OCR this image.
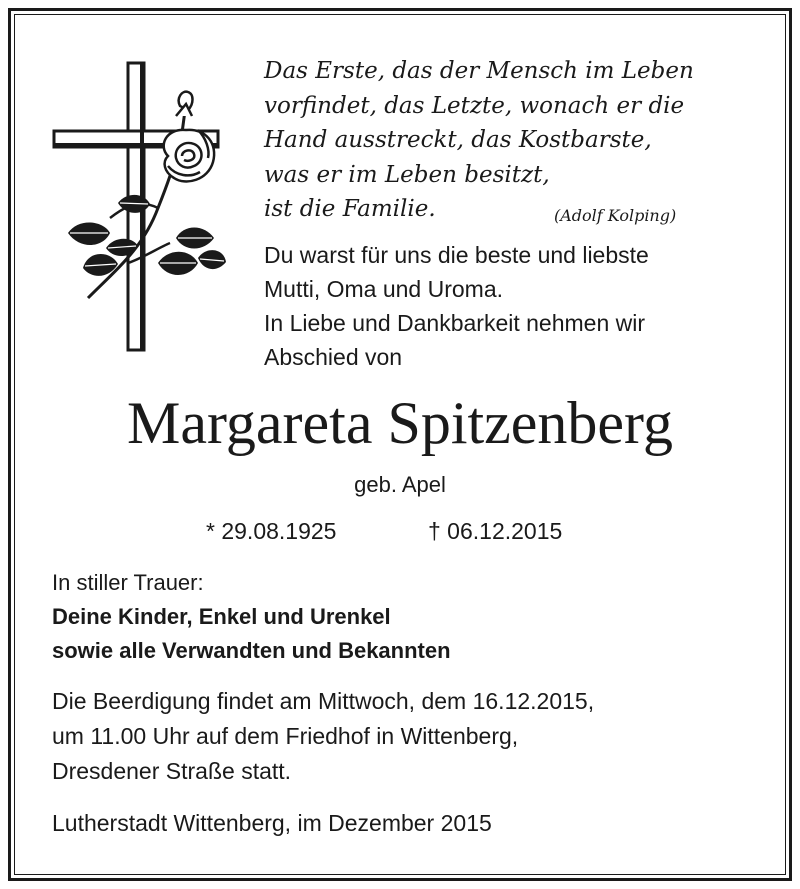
Das Erste, das der Mensch im Leben
vorfindet, das Letzte, wonach er die
Hand ausstreckt, das Kostbarste,
was er im Leben besitzt,
ist die Familie.	(Adolf Kolping)
Du warst für uns die beste und liebste
Mutti, Oma und Uroma.
In Liebe und Dankbarkeit nehmen wir
Abschied von
Margareta Spitzenberg
geb. Apel
* 29.08.1925	† 06.12.2015
In stiller Trauer:
Deine Kinder, Enkel und Urenkel
sowie alle Verwandten und Bekannten
Die Beerdigung findet am Mittwoch, dem 16.12.2015,
um 11.00 Uhr auf dem Friedhof in Wittenberg,
Dresdener Straße statt.
Lutherstadt Wittenberg, im Dezember 2015
